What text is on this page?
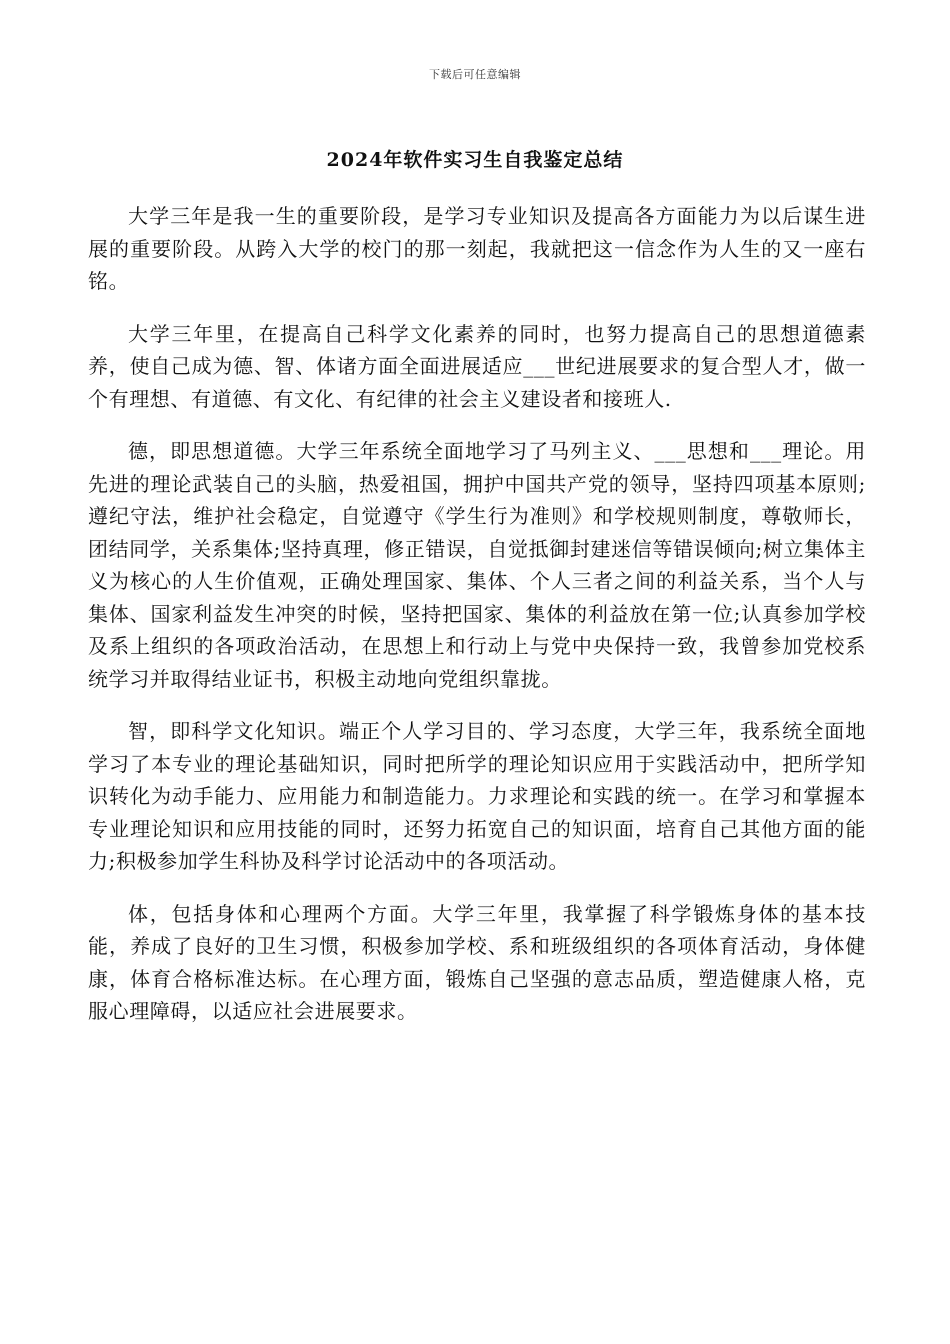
下载后可任意编辑
2024年软件实习生自我鉴定总结

大学三年是我一生的重要阶段，是学习专业知识及提高各方面能力为以后谋生进展的重要阶段。从跨入大学的校门的那一刻起，我就把这一信念作为人生的又一座右铭。

大学三年里，在提高自己科学文化素养的同时，也努力提高自己的思想道德素养，使自己成为德、智、体诸方面全面进展适应___世纪进展要求的复合型人才，做一个有理想、有道德、有文化、有纪律的社会主义建设者和接班人.

德，即思想道德。大学三年系统全面地学习了马列主义、___思想和___理论。用先进的理论武装自己的头脑，热爱祖国，拥护中国共产党的领导，坚持四项基本原则;遵纪守法，维护社会稳定，自觉遵守《学生行为准则》和学校规则制度，尊敬师长，团结同学，关系集体;坚持真理，修正错误，自觉抵御封建迷信等错误倾向;树立集体主义为核心的人生价值观，正确处理国家、集体、个人三者之间的利益关系，当个人与集体、国家利益发生冲突的时候，坚持把国家、集体的利益放在第一位;认真参加学校及系上组织的各项政治活动，在思想上和行动上与党中央保持一致，我曾参加党校系统学习并取得结业证书，积极主动地向党组织靠拢。

智，即科学文化知识。端正个人学习目的、学习态度，大学三年，我系统全面地学习了本专业的理论基础知识，同时把所学的理论知识应用于实践活动中，把所学知识转化为动手能力、应用能力和制造能力。力求理论和实践的统一。在学习和掌握本专业理论知识和应用技能的同时，还努力拓宽自己的知识面，培育自己其他方面的能力;积极参加学生科协及科学讨论活动中的各项活动。

体，包括身体和心理两个方面。大学三年里，我掌握了科学锻炼身体的基本技能，养成了良好的卫生习惯，积极参加学校、系和班级组织的各项体育活动，身体健康，体育合格标准达标。在心理方面，锻炼自己坚强的意志品质，塑造健康人格，克服心理障碍，以适应社会进展要求。
